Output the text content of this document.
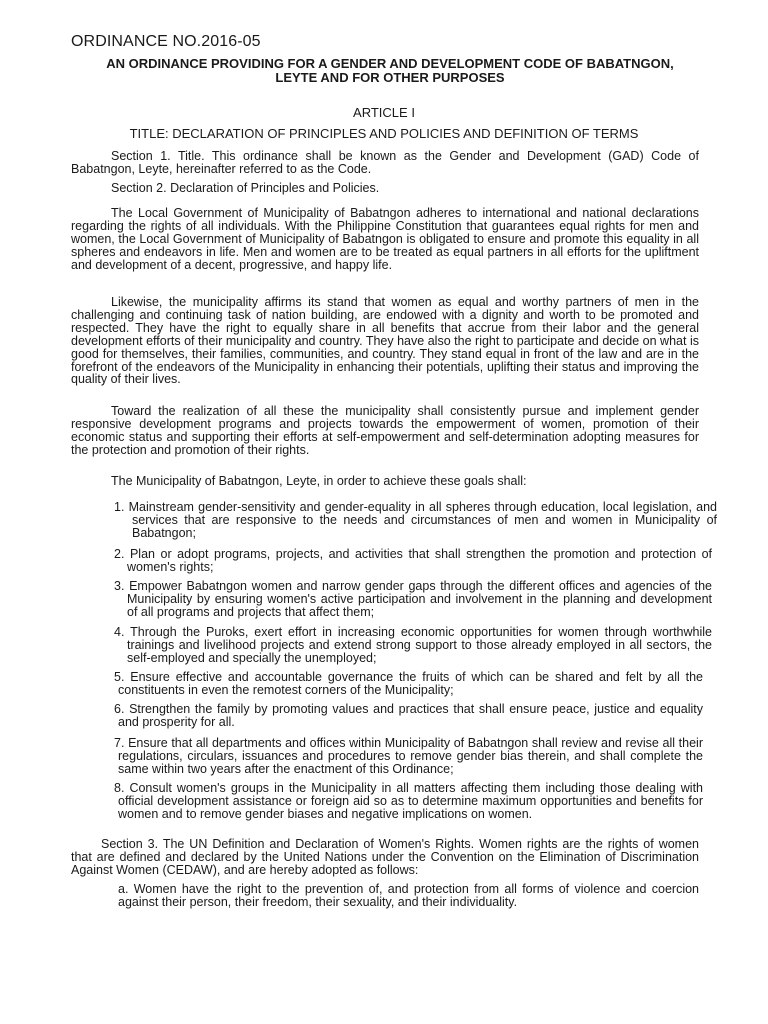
ORDINANCE NO.2016-05
AN ORDINANCE PROVIDING FOR A GENDER AND DEVELOPMENT CODE OF BABATNGON, LEYTE AND FOR OTHER PURPOSES
ARTICLE I
TITLE: DECLARATION OF PRINCIPLES AND POLICIES AND DEFINITION OF TERMS
Section 1. Title. This ordinance shall be known as the Gender and Development (GAD) Code of Babatngon, Leyte, hereinafter referred to as the Code.
Section 2. Declaration of Principles and Policies.
The Local Government of Municipality of Babatngon adheres to international and national declarations regarding the rights of all individuals. With the Philippine Constitution that guarantees equal rights for men and women, the Local Government of Municipality of Babatngon is obligated to ensure and promote this equality in all spheres and endeavors in life. Men and women are to be treated as equal partners in all efforts for the upliftment and development of a decent, progressive, and happy life.
Likewise, the municipality affirms its stand that women as equal and worthy partners of men in the challenging and continuing task of nation building, are endowed with a dignity and worth to be promoted and respected. They have the right to equally share in all benefits that accrue from their labor and the general development efforts of their municipality and country. They have also the right to participate and decide on what is good for themselves, their families, communities, and country. They stand equal in front of the law and are in the forefront of the endeavors of the Municipality in enhancing their potentials, uplifting their status and improving the quality of their lives.
Toward the realization of all these the municipality shall consistently pursue and implement gender responsive development programs and projects towards the empowerment of women, promotion of their economic status and supporting their efforts at self-empowerment and self-determination adopting measures for the protection and promotion of their rights.
The Municipality of Babatngon, Leyte, in order to achieve these goals shall:
1. Mainstream gender-sensitivity and gender-equality in all spheres through education, local legislation, and services that are responsive to the needs and circumstances of men and women in Municipality of Babatngon;
2. Plan or adopt programs, projects, and activities that shall strengthen the promotion and protection of women's rights;
3. Empower Babatngon women and narrow gender gaps through the different offices and agencies of the Municipality by ensuring women's active participation and involvement in the planning and development of all programs and projects that affect them;
4. Through the Puroks, exert effort in increasing economic opportunities for women through worthwhile trainings and livelihood projects and extend strong support to those already employed in all sectors, the self-employed and specially the unemployed;
5. Ensure effective and accountable governance the fruits of which can be shared and felt by all the constituents in even the remotest corners of the Municipality;
6. Strengthen the family by promoting values and practices that shall ensure peace, justice and equality and prosperity for all.
7. Ensure that all departments and offices within Municipality of Babatngon shall review and revise all their regulations, circulars, issuances and procedures to remove gender bias therein, and shall complete the same within two years after the enactment of this Ordinance;
8. Consult women's groups in the Municipality in all matters affecting them including those dealing with official development assistance or foreign aid so as to determine maximum opportunities and benefits for women and to remove gender biases and negative implications on women.
Section 3. The UN Definition and Declaration of Women's Rights. Women rights are the rights of women that are defined and declared by the United Nations under the Convention on the Elimination of Discrimination Against Women (CEDAW), and are hereby adopted as follows:
a. Women have the right to the prevention of, and protection from all forms of violence and coercion against their person, their freedom, their sexuality, and their individuality.
